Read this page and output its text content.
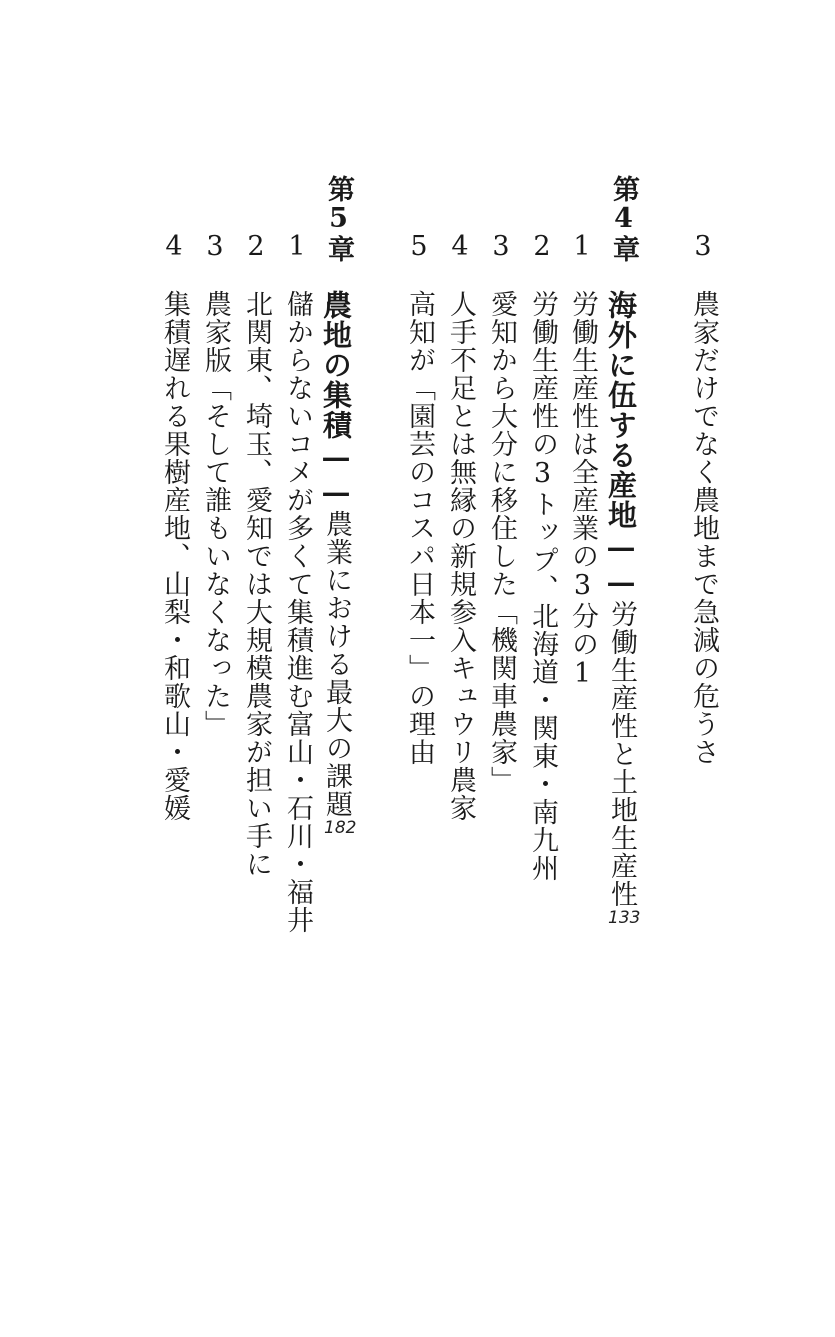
3
農家だけでなく農地まで急減の危うさ
第4章
海外に伍する産地——労働生産性と土地生産性
133
1
労働生産性は全産業の3分の1
2
労働生産性の3トップ、北海道・関東・南九州
3
愛知から大分に移住した「機関車農家」
4
人手不足とは無縁の新規参入キュウリ農家
5
高知が「園芸のコスパ日本一」の理由
第5章
農地の集積——農業における最大の課題
182
1
儲からないコメが多くて集積進む富山・石川・福井
2
北関東、埼玉、愛知では大規模農家が担い手に
3
農家版「そして誰もいなくなった」
4
集積遅れる果樹産地、山梨・和歌山・愛媛
